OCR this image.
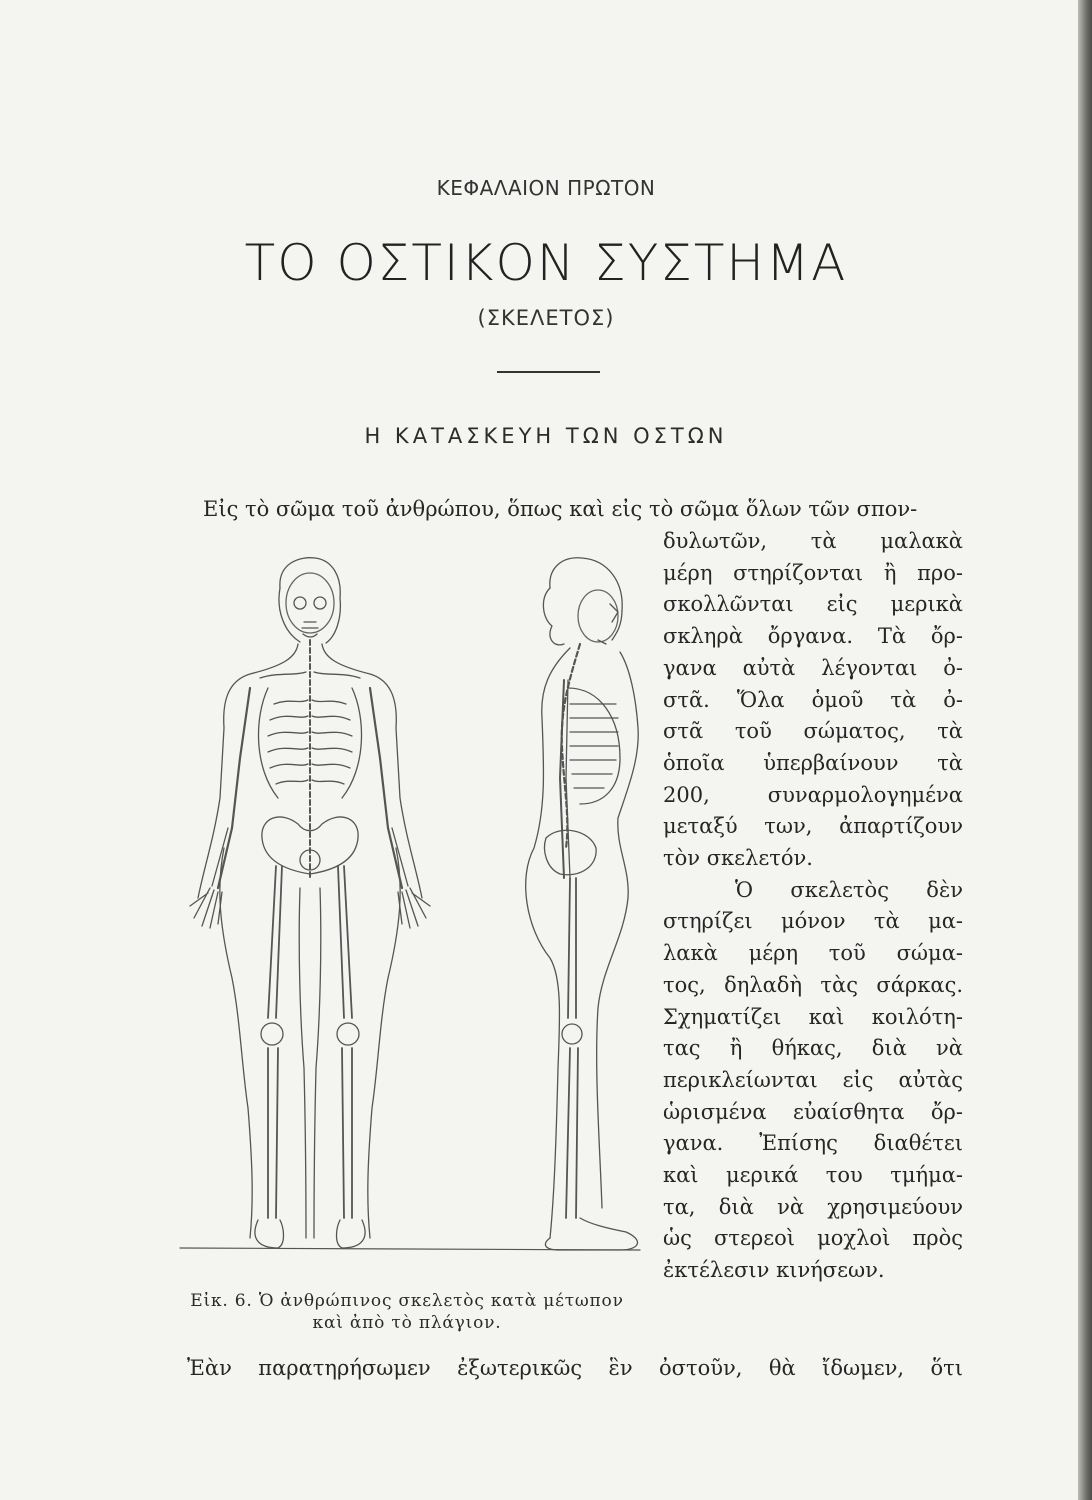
ΚΕΦΑΛΑΙΟΝ ΠΡΩΤΟΝ
ΤΟ ΟΣΤΙΚΟΝ ΣΥΣΤΗΜΑ
(ΣΚΕΛΕΤΟΣ)
Η ΚΑΤΑΣΚΕΥΗ ΤΩΝ ΟΣΤΩΝ
Εἰς τὸ σῶμα τοῦ ἀνθρώπου, ὅπως καὶ εἰς τὸ σῶμα ὅλων τῶν σπον-
δυλωτῶν, τὰ μαλακὰ
μέρη στηρίζονται ἢ προ-
σκολλῶνται εἰς μερικὰ
σκληρὰ ὄργανα. Τὰ ὄρ-
γανα αὐτὰ λέγονται ὀ-
στᾶ. Ὅλα ὁμοῦ τὰ ὀ-
στᾶ τοῦ σώματος, τὰ
ὁποῖα ὑπερβαίνουν τὰ
200, συναρμολογημένα
μεταξύ των, ἀπαρτίζουν
τὸν σκελετόν.
Ὁ σκελετὸς δὲν
στηρίζει μόνον τὰ μα-
λακὰ μέρη τοῦ σώμα-
τος, δηλαδὴ τὰς σάρκας.
Σχηματίζει καὶ κοιλότη-
τας ἢ θήκας, διὰ νὰ
περικλείωνται εἰς αὐτὰς
ὡρισμένα εὐαίσθητα ὄρ-
γανα. Ἐπίσης διαθέτει
καὶ μερικά του τμήμα-
τα, διὰ νὰ χρησιμεύουν
ὡς στερεοὶ μοχλοὶ πρὸς
ἐκτέλεσιν κινήσεων.
Εἰκ. 6. Ὁ ἀνθρώπινος σκελετὸς κατὰ μέτωπον
καὶ ἀπὸ τὸ πλάγιον.
Ἐὰν παρατηρήσωμεν ἐξωτερικῶς ἓν ὀστοῦν, θὰ ἴδωμεν, ὅτι
